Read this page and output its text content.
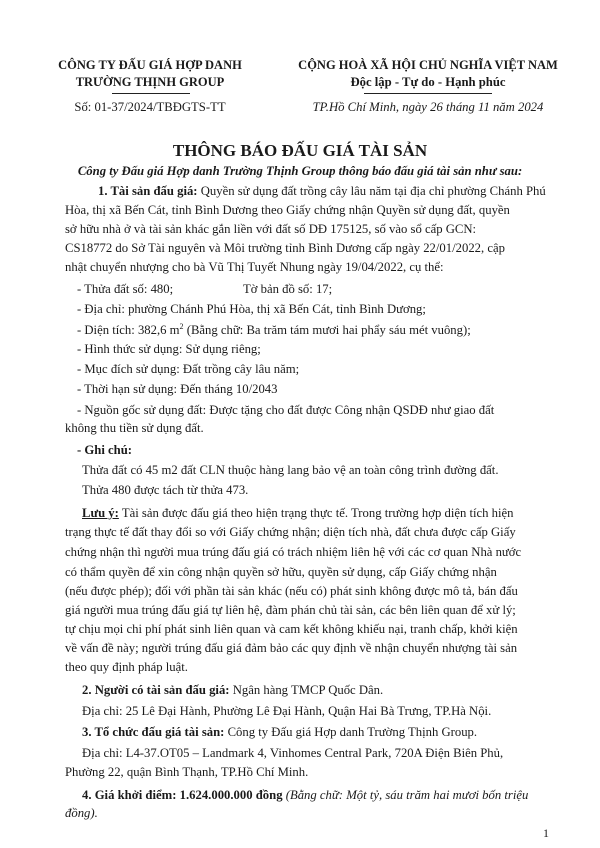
CÔNG TY ĐẤU GIÁ HỢP DANH
TRƯỜNG THỊNH GROUP
Số: 01-37/2024/TBĐGTS-TT
CỘNG HOÀ XÃ HỘI CHỦ NGHĨA VIỆT NAM
Độc lập - Tự do - Hạnh phúc
TP.Hồ Chí Minh, ngày 26 tháng 11 năm 2024
THÔNG BÁO ĐẤU GIÁ TÀI SẢN
Công ty Đấu giá Hợp danh Trường Thịnh Group thông báo đấu giá tài sản như sau:
1. Tài sản đấu giá: Quyền sử dụng đất trồng cây lâu năm tại địa chỉ phường Chánh Phú
Hòa, thị xã Bến Cát, tỉnh Bình Dương theo Giấy chứng nhận Quyền sử dụng đất, quyền
sở hữu nhà ở và tài sản khác gắn liền với đất số DĐ 175125, số vào sổ cấp GCN:
CS18772 do Sở Tài nguyên và Môi trường tỉnh Bình Dương cấp ngày 22/01/2022, cập
nhật chuyển nhượng cho bà Vũ Thị Tuyết Nhung ngày 19/04/2022, cụ thể:
- Thửa đất số: 480;	Tờ bản đồ số: 17;
- Địa chỉ: phường Chánh Phú Hòa, thị xã Bến Cát, tỉnh Bình Dương;
- Diện tích: 382,6 $m^2$ (Bằng chữ: Ba trăm tám mươi hai phẩy sáu mét vuông);
- Hình thức sử dụng: Sử dụng riêng;
- Mục đích sử dụng: Đất trồng cây lâu năm;
- Thời hạn sử dụng: Đến tháng 10/2043
- Nguồn gốc sử dụng đất: Được tặng cho đất được Công nhận QSDĐ như giao đất
không thu tiền sử dụng đất.
- Ghi chú:
Thửa đất có 45 m2 đất CLN thuộc hàng lang bảo vệ an toàn công trình đường đất.
Thửa 480 được tách từ thửa 473.
Lưu ý: Tài sản được đấu giá theo hiện trạng thực tế. Trong trường hợp diện tích hiện
trạng thực tế đất thay đổi so với Giấy chứng nhận; diện tích nhà, đất chưa được cấp Giấy
chứng nhận thì người mua trúng đấu giá có trách nhiệm liên hệ với các cơ quan Nhà nước
có thẩm quyền để xin công nhận quyền sở hữu, quyền sử dụng, cấp Giấy chứng nhận
(nếu được phép); đối với phần tài sản khác (nếu có) phát sinh không được mô tả, bán đấu
giá người mua trúng đấu giá tự liên hệ, đàm phán chủ tài sản, các bên liên quan để xử lý;
tự chịu mọi chi phí phát sinh liên quan và cam kết không khiếu nại, tranh chấp, khởi kiện
về vấn đề này; người trúng đấu giá đảm bảo các quy định về nhận chuyển nhượng tài sản
theo quy định pháp luật.
2. Người có tài sản đấu giá: Ngân hàng TMCP Quốc Dân.
Địa chỉ: 25 Lê Đại Hành, Phường Lê Đại Hành, Quận Hai Bà Trưng, TP.Hà Nội.
3. Tổ chức đấu giá tài sản: Công ty Đấu giá Hợp danh Trường Thịnh Group.
Địa chỉ: L4-37.OT05 – Landmark 4, Vinhomes Central Park, 720A Điện Biên Phủ,
Phường 22, quận Bình Thạnh, TP.Hồ Chí Minh.
4. Giá khởi điểm: 1.624.000.000 đồng (Bằng chữ: Một tỷ, sáu trăm hai mươi bốn triệu
đồng).
1
